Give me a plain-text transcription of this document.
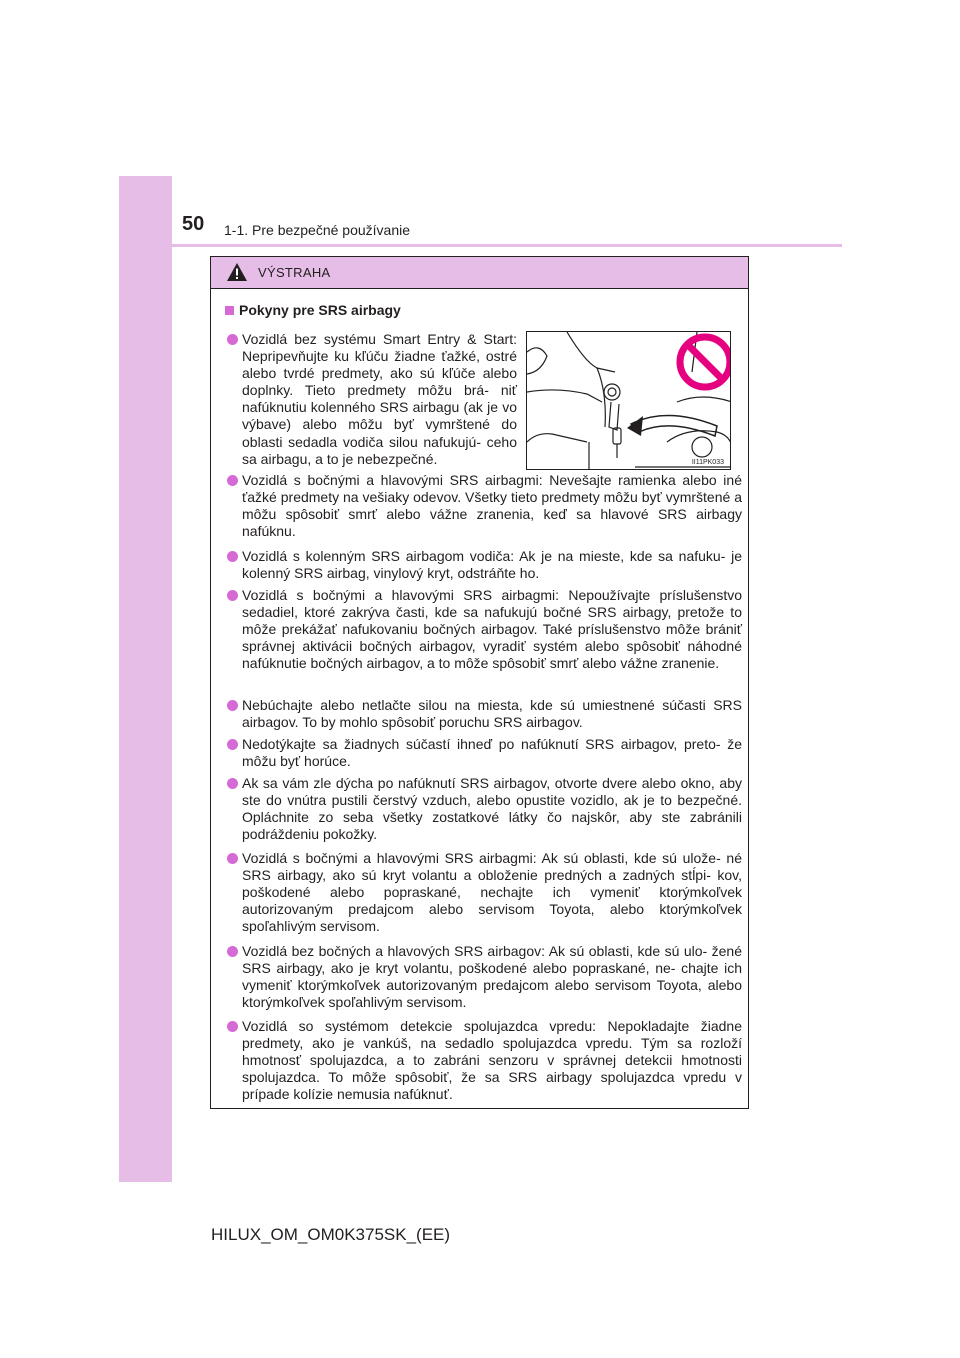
50 1-1. Pre bezpečné používanie
VÝSTRAHA
Pokyny pre SRS airbagy
II11PK033
Vozidlá bez systému Smart Entry & Start: Nepripevňujte ku kľúču žiadne ťažké, ostré alebo tvrdé predmety, ako sú kľúče alebo doplnky. Tieto predmety môžu brá- niť nafúknutiu kolenného SRS airbagu (ak je vo výbave) alebo môžu byť vymrštené do oblasti sedadla vodiča silou nafukujú- ceho sa airbagu, a to je nebezpečné.
Vozidlá s bočnými a hlavovými SRS airbagmi: Nevešajte ramienka alebo iné ťažké predmety na vešiaky odevov. Všetky tieto predmety môžu byť vymrštené a môžu spôsobiť smrť alebo vážne zranenia, keď sa hlavové SRS airbagy nafúknu.
Vozidlá s kolenným SRS airbagom vodiča: Ak je na mieste, kde sa nafuku- je kolenný SRS airbag, vinylový kryt, odstráňte ho.
Vozidlá s bočnými a hlavovými SRS airbagmi: Nepoužívajte príslušenstvo sedadiel, ktoré zakrýva časti, kde sa nafukujú bočné SRS airbagy, pretože to môže prekážať nafukovaniu bočných airbagov. Také príslušenstvo môže brániť správnej aktivácii bočných airbagov, vyradiť systém alebo spôsobiť náhodné nafúknutie bočných airbagov, a to môže spôsobiť smrť alebo vážne zranenie.
Nebúchajte alebo netlačte silou na miesta, kde sú umiestnené súčasti SRS airbagov. To by mohlo spôsobiť poruchu SRS airbagov.
Nedotýkajte sa žiadnych súčastí ihneď po nafúknutí SRS airbagov, preto- že môžu byť horúce.
Ak sa vám zle dýcha po nafúknutí SRS airbagov, otvorte dvere alebo okno, aby ste do vnútra pustili čerstvý vzduch, alebo opustite vozidlo, ak je to bezpečné. Opláchnite zo seba všetky zostatkové látky čo najskôr, aby ste zabránili podráždeniu pokožky.
Vozidlá s bočnými a hlavovými SRS airbagmi: Ak sú oblasti, kde sú ulože- né SRS airbagy, ako sú kryt volantu a obloženie predných a zadných stĺpi- kov, poškodené alebo popraskané, nechajte ich vymeniť ktorýmkoľvek autorizovaným predajcom alebo servisom Toyota, alebo ktorýmkoľvek spoľahlivým servisom.
Vozidlá bez bočných a hlavových SRS airbagov: Ak sú oblasti, kde sú ulo- žené SRS airbagy, ako je kryt volantu, poškodené alebo popraskané, ne- chajte ich vymeniť ktorýmkoľvek autorizovaným predajcom alebo servisom Toyota, alebo ktorýmkoľvek spoľahlivým servisom.
Vozidlá so systémom detekcie spolujazdca vpredu: Nepokladajte žiadne predmety, ako je vankúš, na sedadlo spolujazdca vpredu. Tým sa rozloží hmotnosť spolujazdca, a to zabráni senzoru v správnej detekcii hmotnosti spolujazdca. To môže spôsobiť, že sa SRS airbagy spolujazdca vpredu v prípade kolízie nemusia nafúknuť.
HILUX_OM_OM0K375SK_(EE)
